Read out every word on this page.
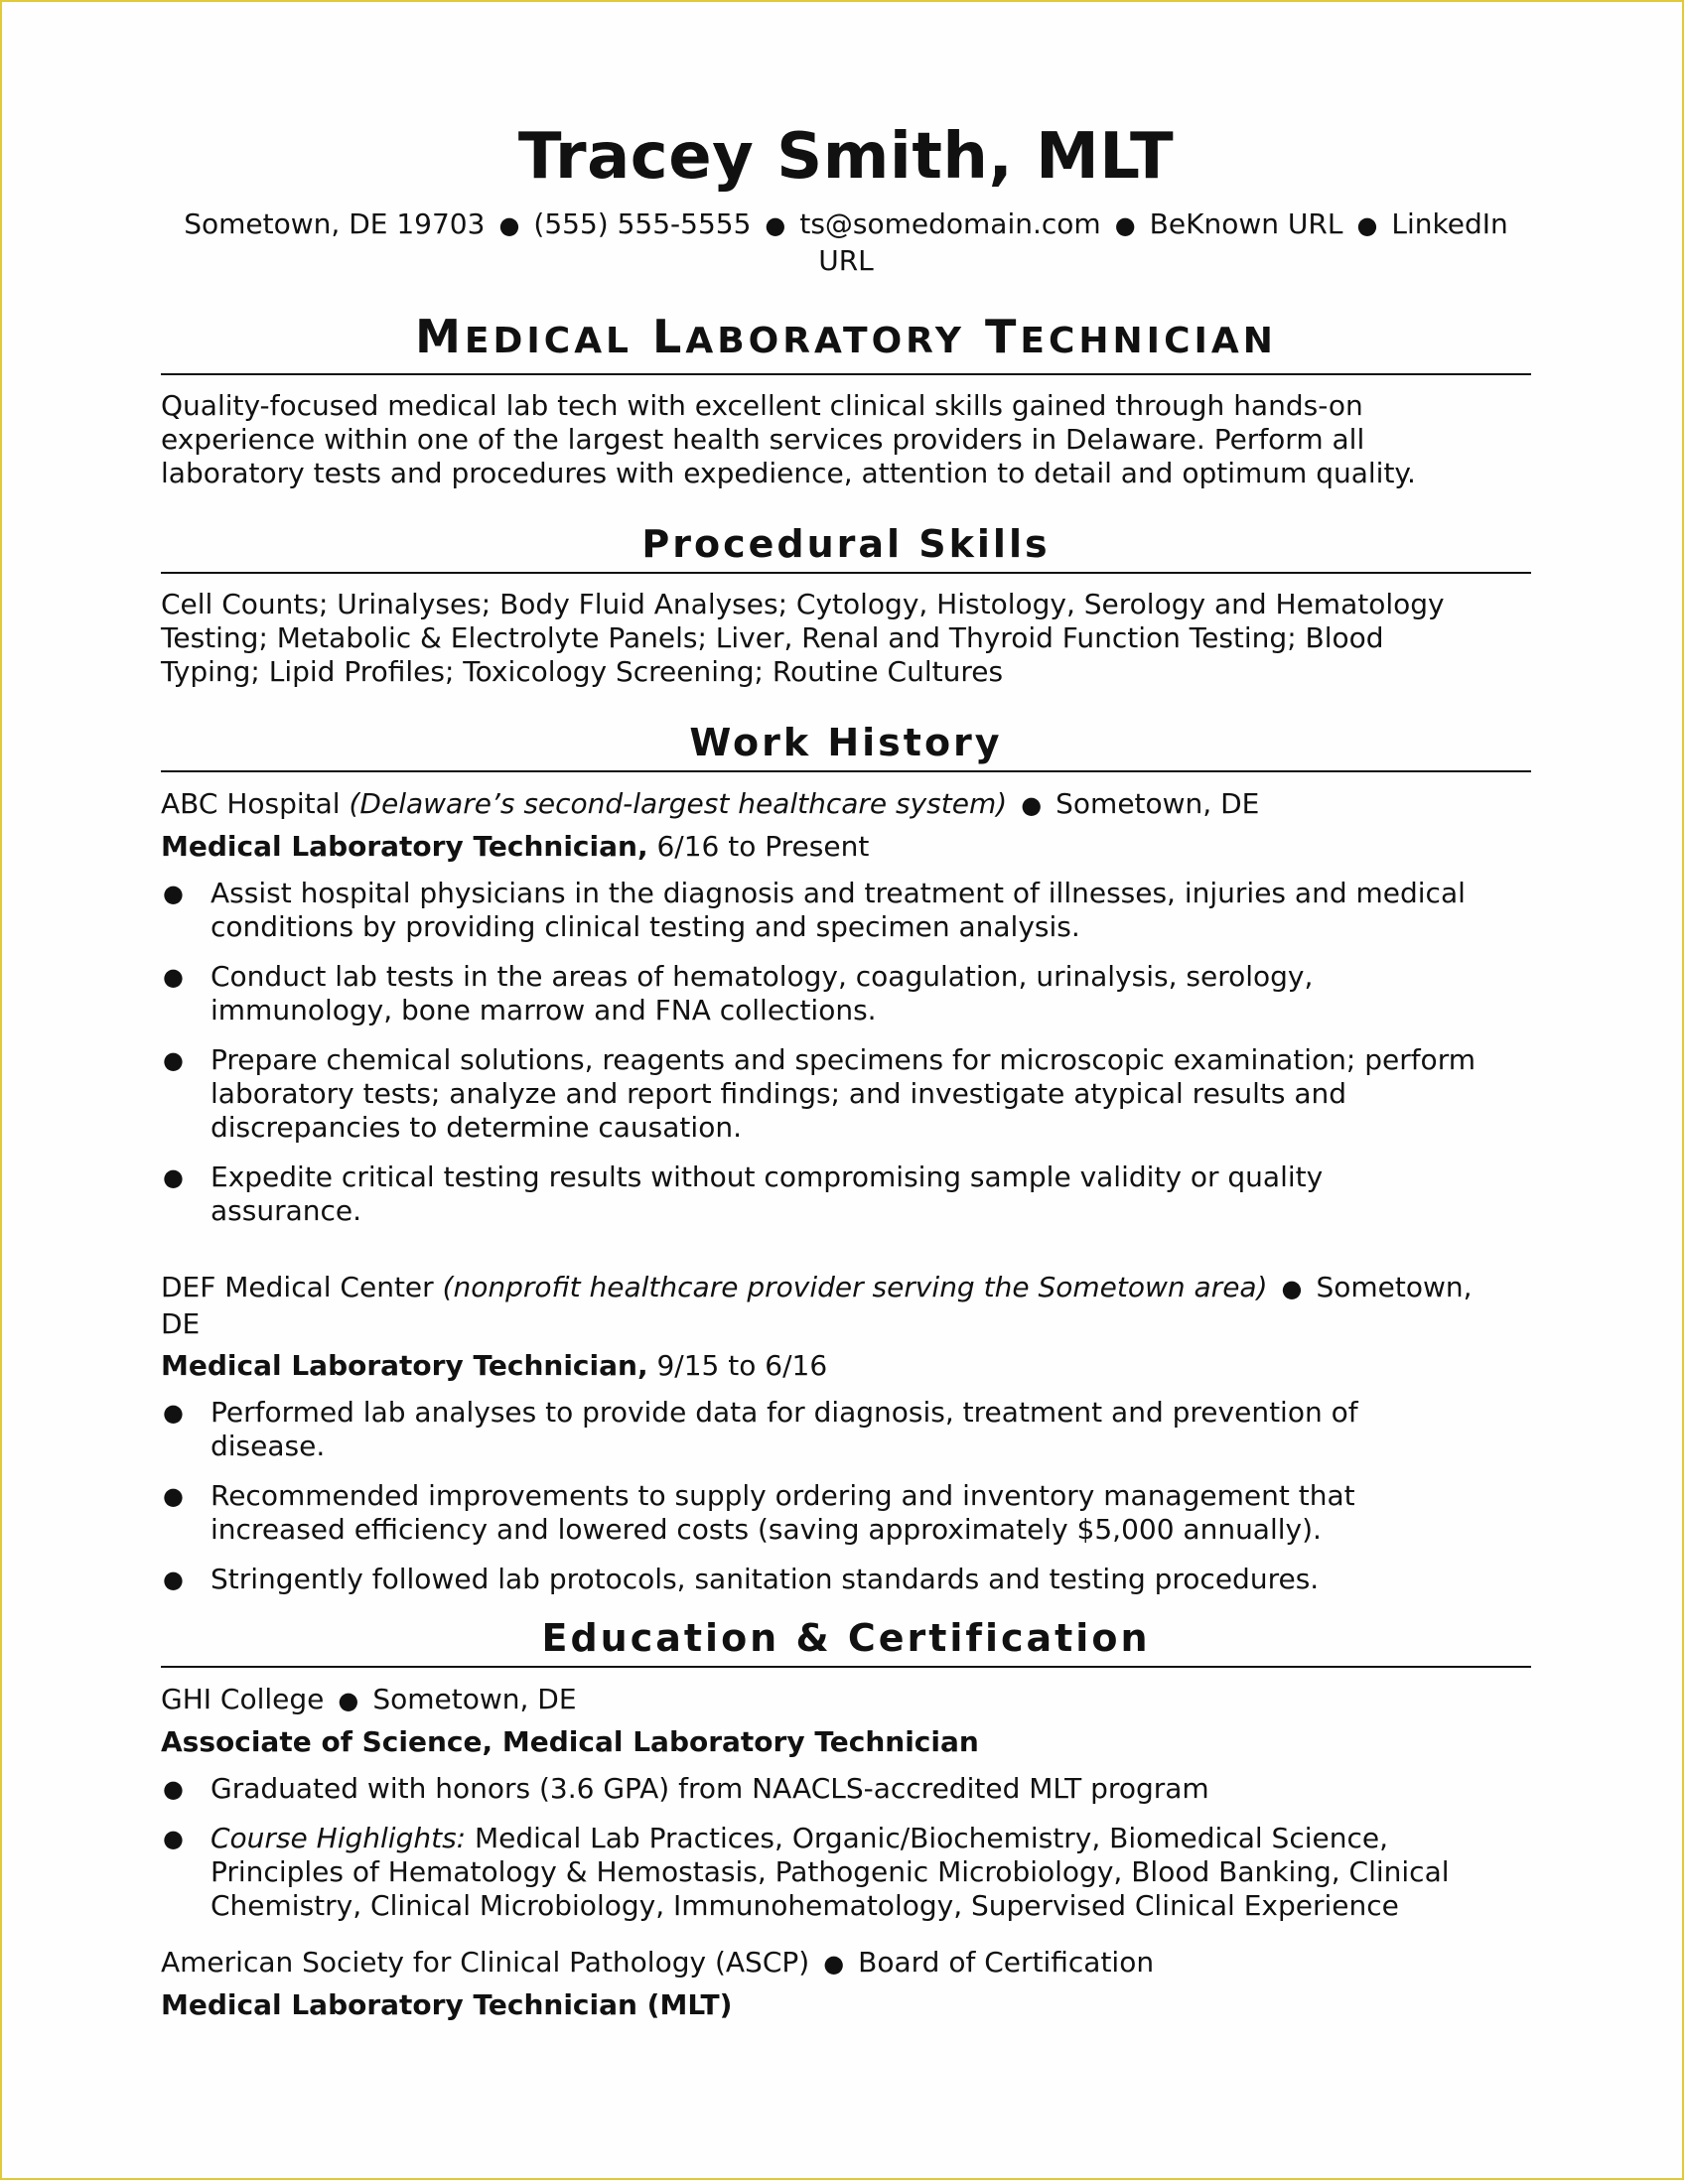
Tracey Smith, MLT
Sometown, DE 19703 ● (555) 555-5555 ● ts@somedomain.com ● BeKnown URL ● LinkedIn
URL
MEDICAL LABORATORY TECHNICIAN
Quality-focused medical lab tech with excellent clinical skills gained through hands-on
experience within one of the largest health services providers in Delaware. Perform all
laboratory tests and procedures with expedience, attention to detail and optimum quality.
Procedural Skills
Cell Counts; Urinalyses; Body Fluid Analyses; Cytology, Histology, Serology and Hematology
Testing; Metabolic & Electrolyte Panels; Liver, Renal and Thyroid Function Testing; Blood
Typing; Lipid Profiles; Toxicology Screening; Routine Cultures
Work History
ABC Hospital (Delaware’s second-largest healthcare system) ● Sometown, DE
Medical Laboratory Technician, 6/16 to Present
● Assist hospital physicians in the diagnosis and treatment of illnesses, injuries and medical
conditions by providing clinical testing and specimen analysis.
● Conduct lab tests in the areas of hematology, coagulation, urinalysis, serology,
immunology, bone marrow and FNA collections.
● Prepare chemical solutions, reagents and specimens for microscopic examination; perform
laboratory tests; analyze and report findings; and investigate atypical results and
discrepancies to determine causation.
● Expedite critical testing results without compromising sample validity or quality
assurance.
DEF Medical Center (nonprofit healthcare provider serving the Sometown area) ● Sometown,
DE
Medical Laboratory Technician, 9/15 to 6/16
● Performed lab analyses to provide data for diagnosis, treatment and prevention of
disease.
● Recommended improvements to supply ordering and inventory management that
increased efficiency and lowered costs (saving approximately $5,000 annually).
● Stringently followed lab protocols, sanitation standards and testing procedures.
Education & Certification
GHI College ● Sometown, DE
Associate of Science, Medical Laboratory Technician
● Graduated with honors (3.6 GPA) from NAACLS-accredited MLT program
● Course Highlights: Medical Lab Practices, Organic/Biochemistry, Biomedical Science,
Principles of Hematology & Hemostasis, Pathogenic Microbiology, Blood Banking, Clinical
Chemistry, Clinical Microbiology, Immunohematology, Supervised Clinical Experience
American Society for Clinical Pathology (ASCP) ● Board of Certification
Medical Laboratory Technician (MLT)
